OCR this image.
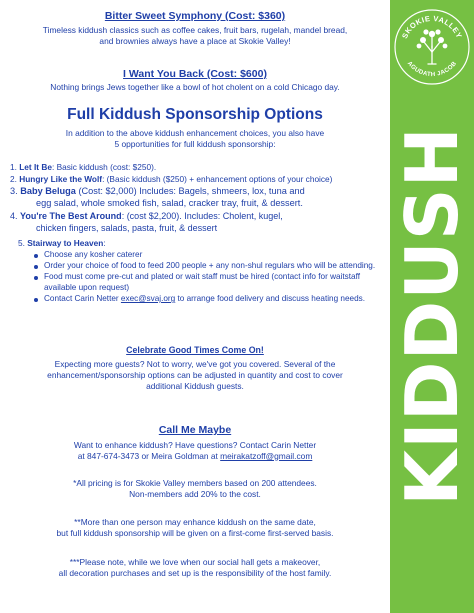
Bitter Sweet Symphony (Cost: $360)
Timeless kiddush classics such as coffee cakes, fruit bars, rugelah, mandel bread,
and brownies always have a place at Skokie Valley!
I Want You Back (Cost: $600)
Nothing brings Jews together like a bowl of hot cholent on a cold Chicago day.
Full Kiddush Sponsorship Options
In addition to the above kiddush enhancement choices, you also have
5 opportunities for full kiddush sponsorship:
1. Let It Be: Basic kiddush (cost: $250).
2. Hungry Like the Wolf: (Basic kiddush ($250) + enhancement options of your choice)
3. Baby Beluga (Cost: $2,000) Includes: Bagels, shmeers, lox, tuna and
egg salad, whole smoked fish, salad, cracker tray, fruit, & dessert.
4. You're The Best Around: (cost $2,200). Includes: Cholent, kugel,
chicken fingers, salads, pasta, fruit, & dessert
5. Stairway to Heaven:
Choose any kosher caterer
Order your choice of food to feed 200 people + any non-shul regulars who will be attending.
Food must come pre-cut and plated or wait staff must be hired (contact info for waitstaff available upon request)
Contact Carin Netter exec@svaj.org to arrange food delivery and discuss heating needs.
Celebrate Good Times Come On!
Expecting more guests? Not to worry, we've got you covered. Several of the
enhancement/sponsorship options can be adjusted in quantity and cost to cover
additional Kiddush guests.
Call Me Maybe
Want to enhance kiddush? Have questions? Contact Carin Netter
at 847-674-3473 or Meira Goldman at meirakatzoff@gmail.com
*All pricing is for Skokie Valley members based on 200 attendees.
Non-members add 20% to the cost.
**More than one person may enhance kiddush on the same date,
but full kiddush sponsorship will be given on a first-come first-served basis.
***Please note, while we love when our social hall gets a makeover,
all decoration purchases and set up is the responsibility of the host family.
SKOKIE VALLEY
AGUDATH JACOB
KIDDUSH
